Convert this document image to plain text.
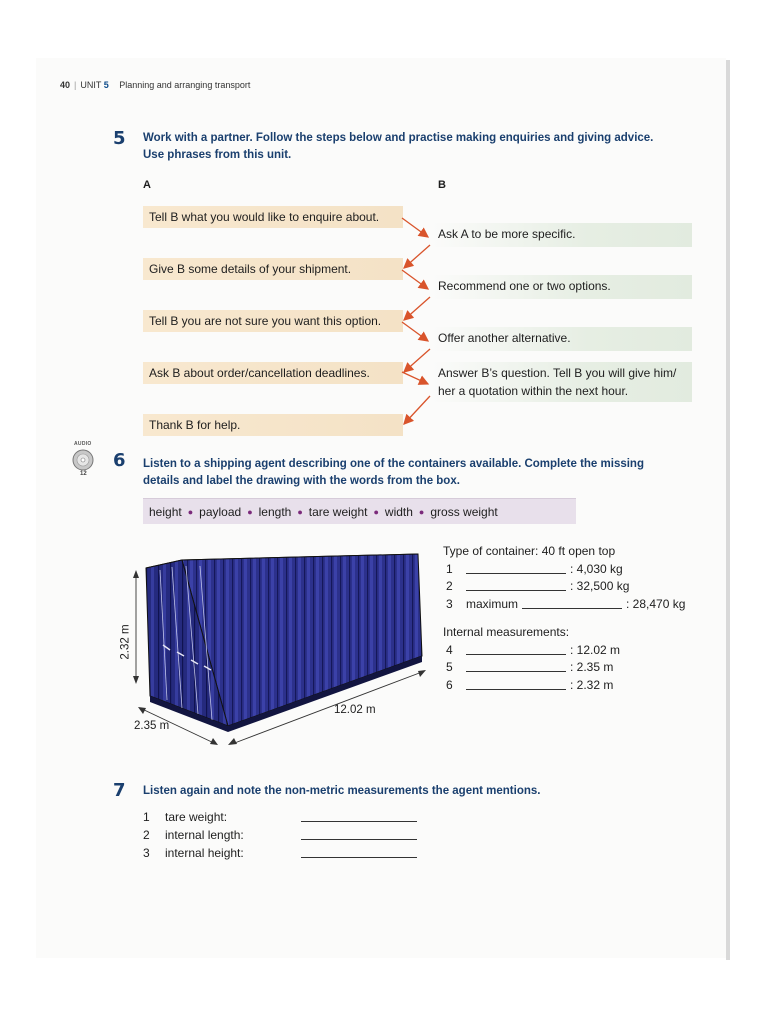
40 | UNIT 5 Planning and arranging transport
5 Work with a partner. Follow the steps below and practise making enquiries and giving advice.
Use phrases from this unit.
A	B
Tell B what you would like to enquire about.
Give B some details of your shipment.
Tell B you are not sure you want this option.
Ask B about order/cancellation deadlines.
Thank B for help.
Ask A to be more specific.
Recommend one or two options.
Offer another alternative.
Answer B’s question. Tell B you will give him/
her a quotation within the next hour.
AUDIO
12
6 Listen to a shipping agent describing one of the containers available. Complete the missing
details and label the drawing with the words from the box.
height ● payload ● length ● tare weight ● width ● gross weight
2.32 m
12.02 m
2.35 m
Type of container: 40 ft open top
1	: 4,030 kg
2	: 32,500 kg
3 maximum	: 28,470 kg
Internal measurements:
4	: 12.02 m
5	: 2.35 m
6	: 2.32 m
7 Listen again and note the non-metric measurements the agent mentions.
1 tare weight:
2 internal length:
3 internal height:
